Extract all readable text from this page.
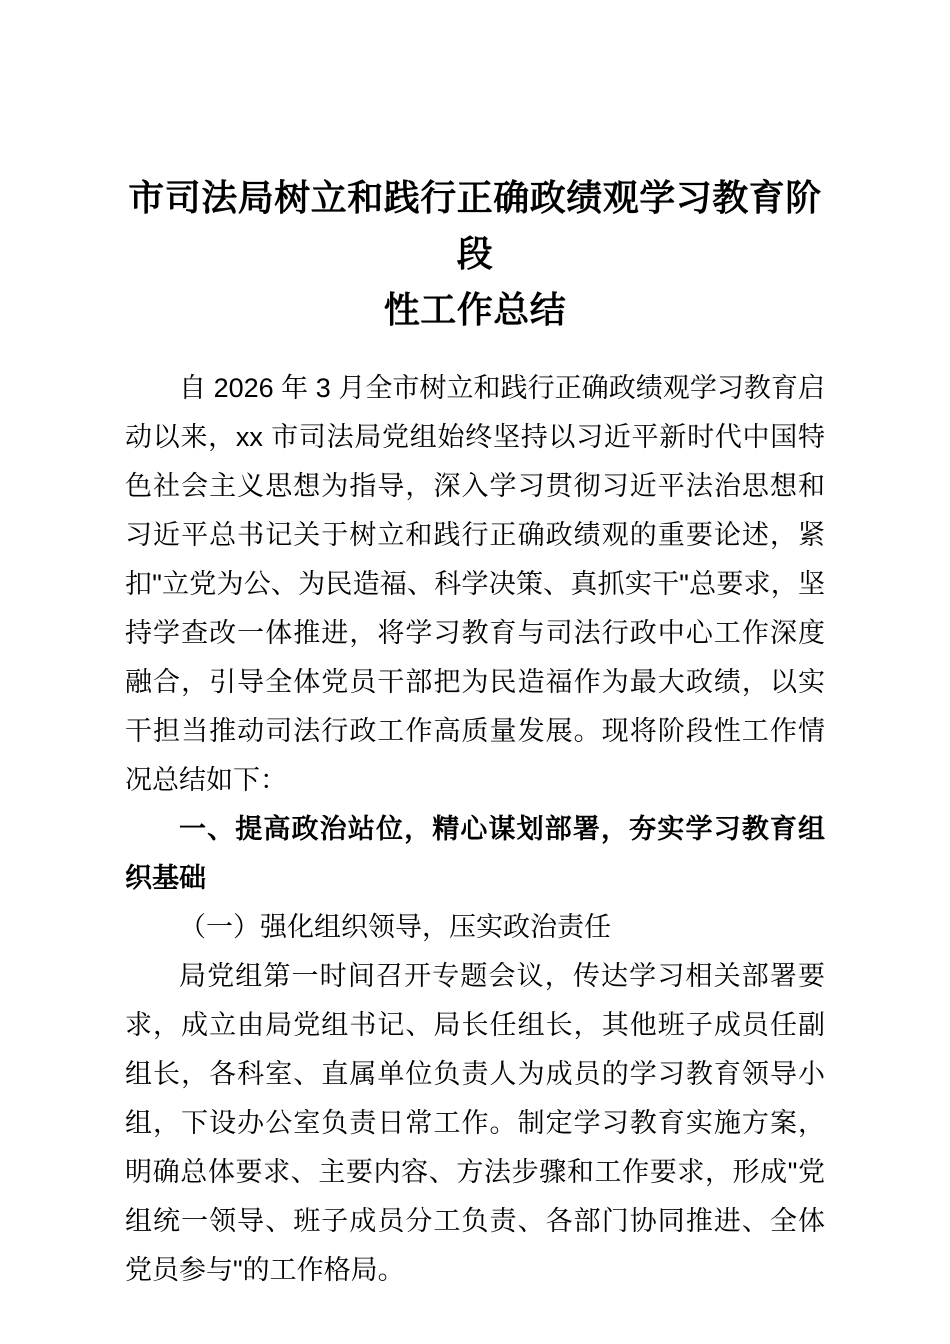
市司法局树立和践行正确政绩观学习教育阶段
性工作总结

自 2026 年 3 月全市树立和践行正确政绩观学习教育启动以来，xx 市司法局党组始终坚持以习近平新时代中国特色社会主义思想为指导，深入学习贯彻习近平法治思想和习近平总书记关于树立和践行正确政绩观的重要论述，紧扣"立党为公、为民造福、科学决策、真抓实干"总要求，坚持学查改一体推进，将学习教育与司法行政中心工作深度融合，引导全体党员干部把为民造福作为最大政绩，以实干担当推动司法行政工作高质量发展。现将阶段性工作情况总结如下：

一、提高政治站位，精心谋划部署，夯实学习教育组织基础

（一）强化组织领导，压实政治责任

局党组第一时间召开专题会议，传达学习相关部署要求，成立由局党组书记、局长任组长，其他班子成员任副组长，各科室、直属单位负责人为成员的学习教育领导小组，下设办公室负责日常工作。制定学习教育实施方案，明确总体要求、主要内容、方法步骤和工作要求，形成"党组统一领导、班子成员分工负责、各部门协同推进、全体党员参与"的工作格局。
